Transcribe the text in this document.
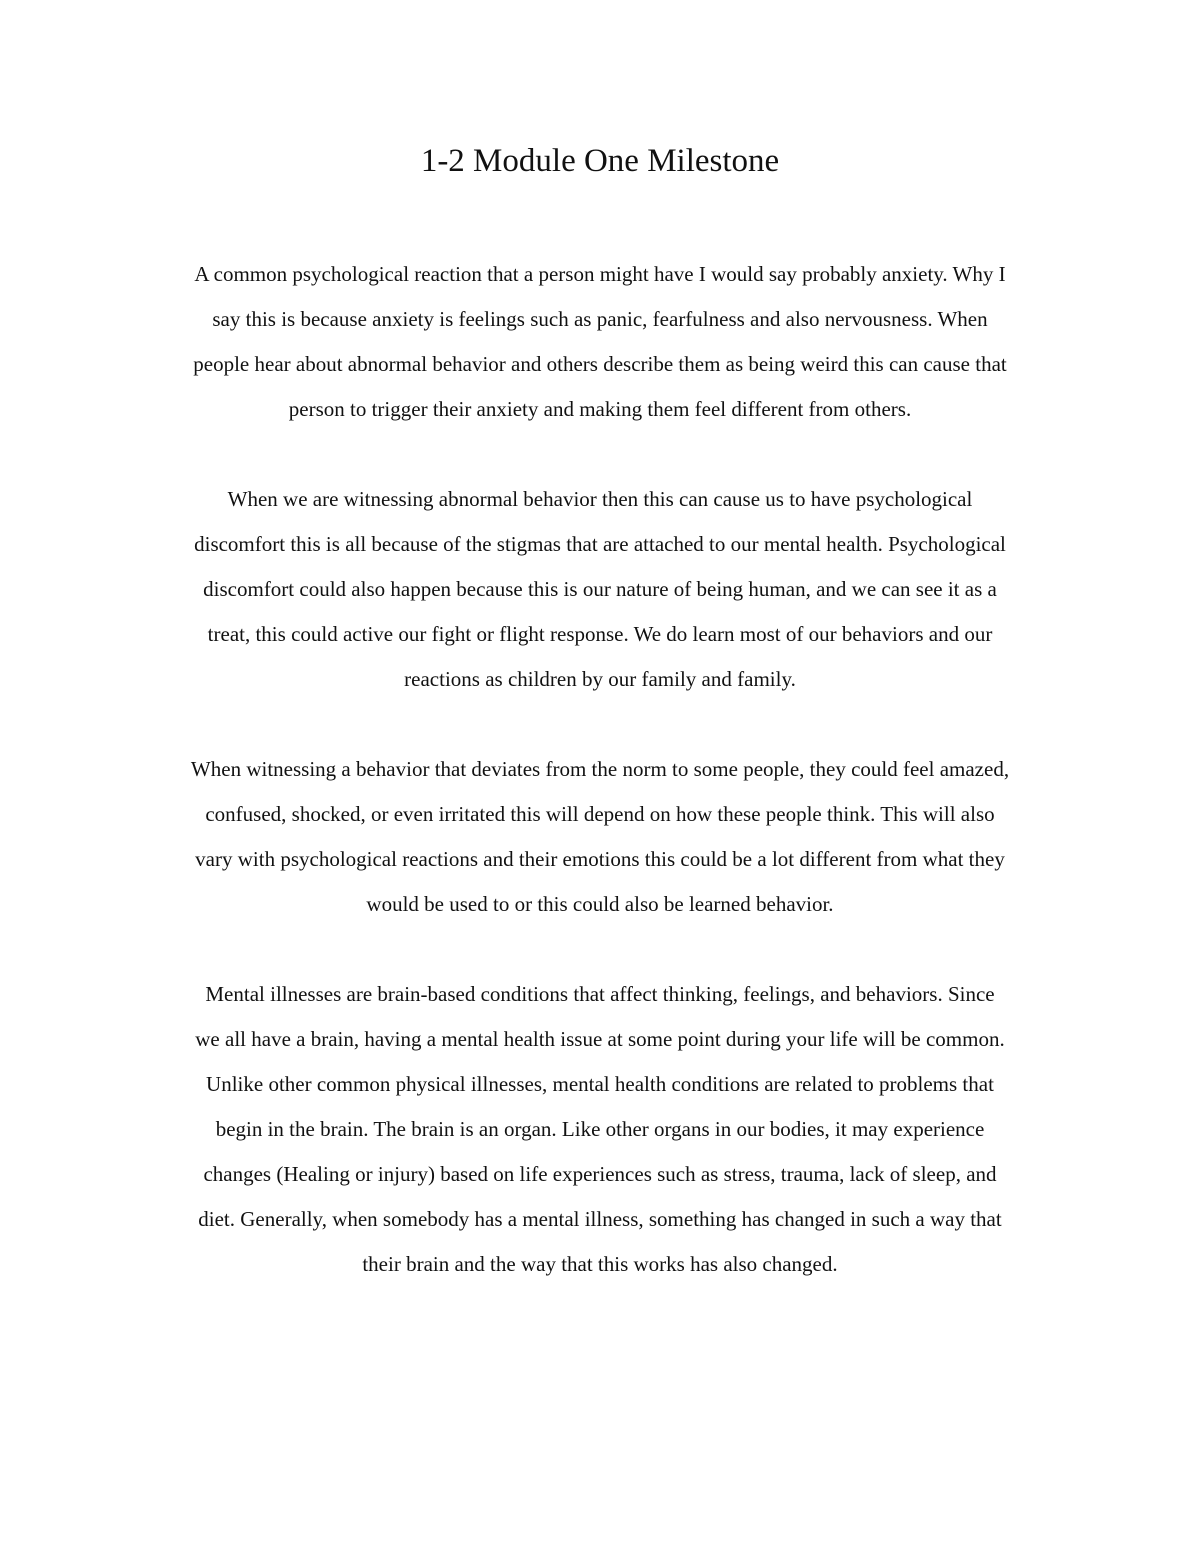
1-2 Module One Milestone

A common psychological reaction that a person might have I would say probably anxiety. Why I
say this is because anxiety is feelings such as panic, fearfulness and also nervousness. When
people hear about abnormal behavior and others describe them as being weird this can cause that
person to trigger their anxiety and making them feel different from others.

When we are witnessing abnormal behavior then this can cause us to have psychological
discomfort this is all because of the stigmas that are attached to our mental health. Psychological
discomfort could also happen because this is our nature of being human, and we can see it as a
treat, this could active our fight or flight response. We do learn most of our behaviors and our
reactions as children by our family and family.

When witnessing a behavior that deviates from the norm to some people, they could feel amazed,
confused, shocked, or even irritated this will depend on how these people think. This will also
vary with psychological reactions and their emotions this could be a lot different from what they
would be used to or this could also be learned behavior.

Mental illnesses are brain-based conditions that affect thinking, feelings, and behaviors. Since
we all have a brain, having a mental health issue at some point during your life will be common.
Unlike other common physical illnesses, mental health conditions are related to problems that
begin in the brain. The brain is an organ. Like other organs in our bodies, it may experience
changes (Healing or injury) based on life experiences such as stress, trauma, lack of sleep, and
diet. Generally, when somebody has a mental illness, something has changed in such a way that
their brain and the way that this works has also changed.
